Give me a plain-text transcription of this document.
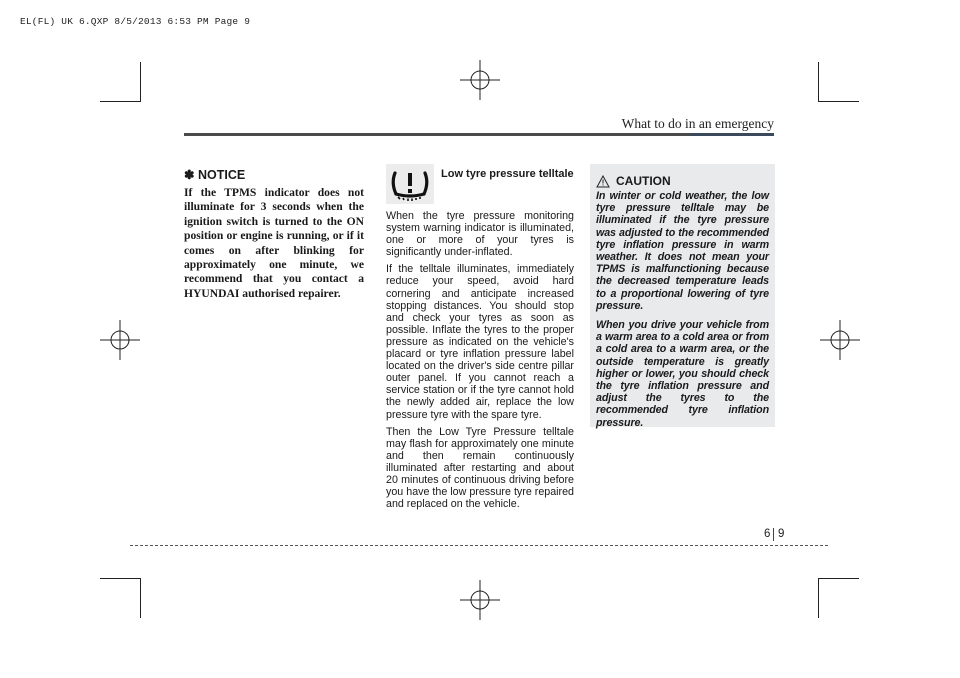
EL(FL) UK 6.QXP 8/5/2013 6:53 PM Page 9
What to do in an emergency
✽ NOTICE
If the TPMS indicator does not illuminate for 3 seconds when the ignition switch is turned to the ON position or engine is running, or if it comes on after blinking for approximately one minute, we recommend that you contact a HYUNDAI authorised repairer.
Low tyre pressure telltale

When the tyre pressure monitoring system warning indicator is illuminated, one or more of your tyres is significantly under-inflated.

If the telltale illuminates, immediately reduce your speed, avoid hard cornering and anticipate increased stopping distances. You should stop and check your tyres as soon as possible. Inflate the tyres to the proper pressure as indicated on the vehicle's placard or tyre inflation pressure label located on the driver's side centre pillar outer panel. If you cannot reach a service station or if the tyre cannot hold the newly added air, replace the low pressure tyre with the spare tyre.

Then the Low Tyre Pressure telltale may flash for approximately one minute and then remain continuously illuminated after restarting and about 20 minutes of continuous driving before you have the low pressure tyre repaired and replaced on the vehicle.

CAUTION

In winter or cold weather, the low tyre pressure telltale may be illuminated if the tyre pressure was adjusted to the recommended tyre inflation pressure in warm weather. It does not mean your TPMS is malfunctioning because the decreased temperature leads to a proportional lowering of tyre pressure.

When you drive your vehicle from a warm area to a cold area or from a cold area to a warm area, or the outside temperature is greatly higher or lower, you should check the tyre inflation pressure and adjust the tyres to the recommended tyre inflation pressure.

6 9
